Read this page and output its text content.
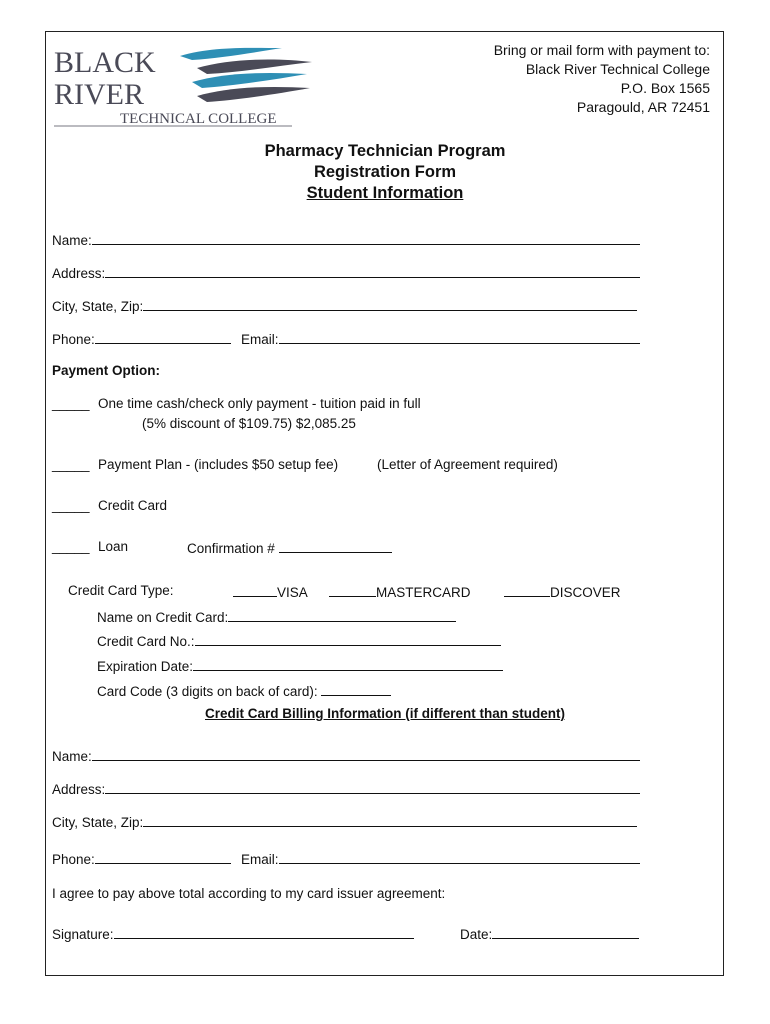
BLACK
RIVER
TECHNICAL COLLEGE
Bring or mail form with payment to:
Black River Technical College
P.O. Box 1565
Paragould, AR 72451
Pharmacy Technician Program
Registration Form
Student Information
Name:
Address:
City, State, Zip:
Phone:	Email:
Payment Option:
_____ One time cash/check only payment - tuition paid in full
(5% discount of $109.75) $2,085.25
_____ Payment Plan - (includes $50 setup fee)	(Letter of Agreement required)
_____ Credit Card
_____ Loan	Confirmation #
Credit Card Type:	VISA	MASTERCARD	DISCOVER
Name on Credit Card:
Credit Card No.:
Expiration Date:
Card Code (3 digits on back of card):
Credit Card Billing Information (if different than student)
Name:
Address:
City, State, Zip:
Phone:	Email:
I agree to pay above total according to my card issuer agreement:
Signature:	Date:
